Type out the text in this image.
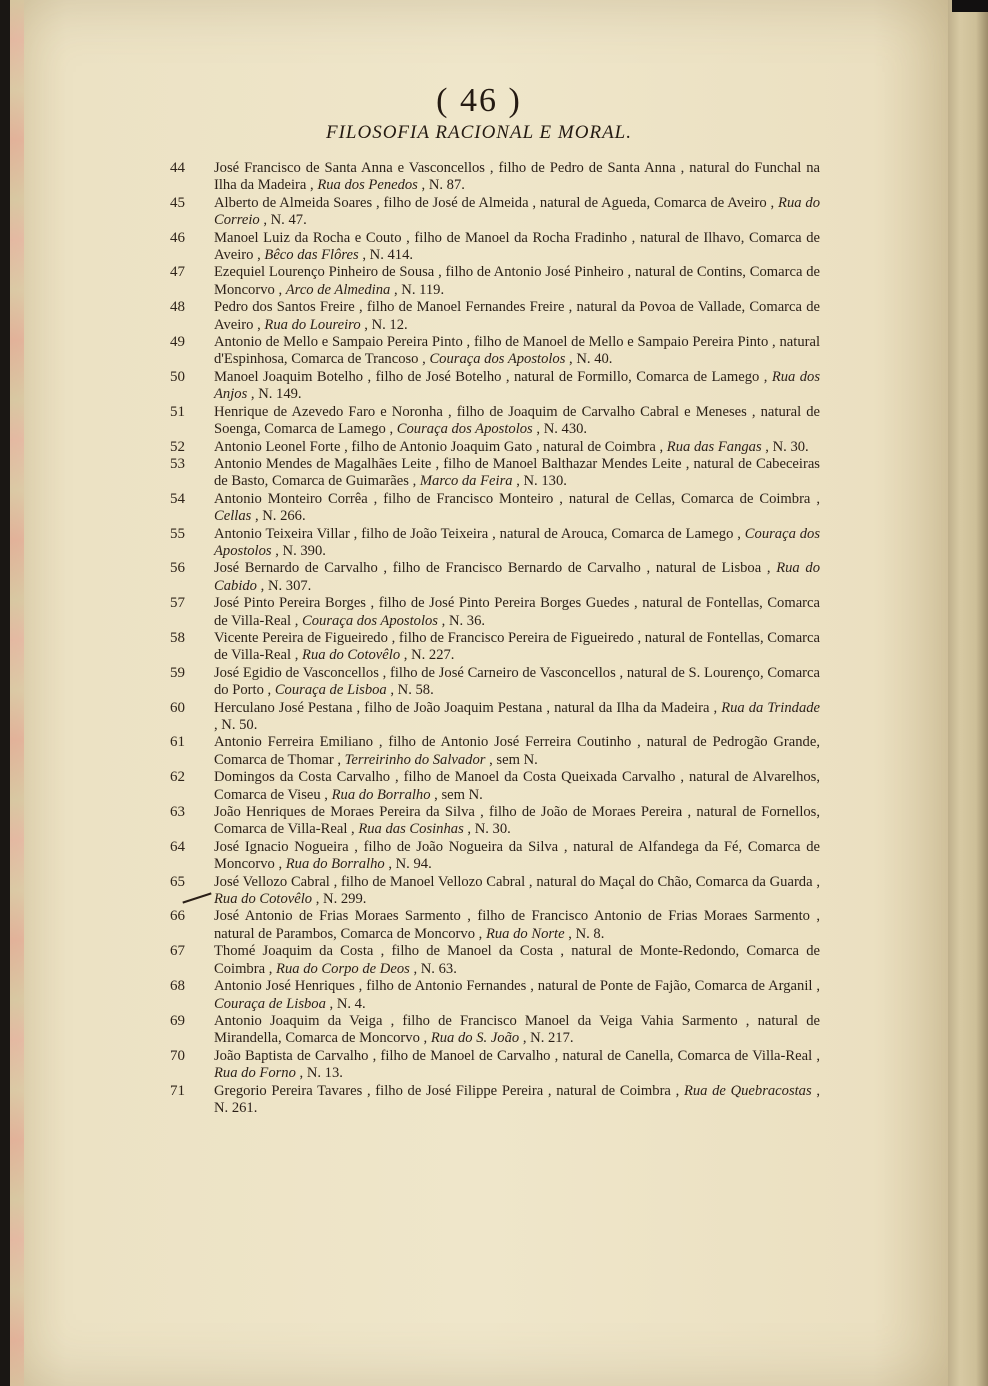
( 46 )
FILOSOFIA RACIONAL E MORAL.
44	José Francisco de Santa Anna e Vasconcellos , filho de Pedro de Santa Anna , natural do Funchal na Ilha da Madeira , Rua dos Penedos , N. 87.
45	Alberto de Almeida Soares , filho de José de Almeida , natural de Agueda, Comarca de Aveiro , Rua do Correio , N. 47.
46	Manoel Luiz da Rocha e Couto , filho de Manoel da Rocha Fradinho , natural de Ilhavo, Comarca de Aveiro , Bêco das Flôres , N. 414.
47	Ezequiel Lourenço Pinheiro de Sousa , filho de Antonio José Pinheiro , natural de Contins, Comarca de Moncorvo , Arco de Almedina , N. 119.
48	Pedro dos Santos Freire , filho de Manoel Fernandes Freire , natural da Povoa de Vallade, Comarca de Aveiro , Rua do Loureiro , N. 12.
49	Antonio de Mello e Sampaio Pereira Pinto , filho de Manoel de Mello e Sampaio Pereira Pinto , natural d'Espinhosa, Comarca de Trancoso , Couraça dos Apostolos , N. 40.
50	Manoel Joaquim Botelho , filho de José Botelho , natural de Formillo, Comarca de Lamego , Rua dos Anjos , N. 149.
51	Henrique de Azevedo Faro e Noronha , filho de Joaquim de Carvalho Cabral e Meneses , natural de Soenga, Comarca de Lamego , Couraça dos Apostolos , N. 430.
52	Antonio Leonel Forte , filho de Antonio Joaquim Gato , natural de Coimbra , Rua das Fangas , N. 30.
53	Antonio Mendes de Magalhães Leite , filho de Manoel Balthazar Mendes Leite , natural de Cabeceiras de Basto, Comarca de Guimarães , Marco da Feira , N. 130.
54	Antonio Monteiro Corrêa , filho de Francisco Monteiro , natural de Cellas, Comarca de Coimbra , Cellas , N. 266.
55	Antonio Teixeira Villar , filho de João Teixeira , natural de Arouca, Comarca de Lamego , Couraça dos Apostolos , N. 390.
56	José Bernardo de Carvalho , filho de Francisco Bernardo de Carvalho , natural de Lisboa , Rua do Cabido , N. 307.
57	José Pinto Pereira Borges , filho de José Pinto Pereira Borges Guedes , natural de Fontellas, Comarca de Villa-Real , Couraça dos Apostolos , N. 36.
58	Vicente Pereira de Figueiredo , filho de Francisco Pereira de Figueiredo , natural de Fontellas, Comarca de Villa-Real , Rua do Cotovêlo , N. 227.
59	José Egidio de Vasconcellos , filho de José Carneiro de Vasconcellos , natural de S. Lourenço, Comarca do Porto , Couraça de Lisboa , N. 58.
60	Herculano José Pestana , filho de João Joaquim Pestana , natural da Ilha da Madeira , Rua da Trindade , N. 50.
61	Antonio Ferreira Emiliano , filho de Antonio José Ferreira Coutinho , natural de Pedrogão Grande, Comarca de Thomar , Terreirinho do Salvador , sem N.
62	Domingos da Costa Carvalho , filho de Manoel da Costa Queixada Carvalho , natural de Alvarelhos, Comarca de Viseu , Rua do Borralho , sem N.
63	João Henriques de Moraes Pereira da Silva , filho de João de Moraes Pereira , natural de Fornellos, Comarca de Villa-Real , Rua das Cosinhas , N. 30.
64	José Ignacio Nogueira , filho de João Nogueira da Silva , natural de Alfandega da Fé, Comarca de Moncorvo , Rua do Borralho , N. 94.
65	José Vellozo Cabral , filho de Manoel Vellozo Cabral , natural do Maçal do Chão, Comarca da Guarda , Rua do Cotovêlo , N. 299.
66	José Antonio de Frias Moraes Sarmento , filho de Francisco Antonio de Frias Moraes Sarmento , natural de Parambos, Comarca de Moncorvo , Rua do Norte , N. 8.
67	Thomé Joaquim da Costa , filho de Manoel da Costa , natural de Monte-Redondo, Comarca de Coimbra , Rua do Corpo de Deos , N. 63.
68	Antonio José Henriques , filho de Antonio Fernandes , natural de Ponte de Fajão, Comarca de Arganil , Couraça de Lisboa , N. 4.
69	Antonio Joaquim da Veiga , filho de Francisco Manoel da Veiga Vahia Sarmento , natural de Mirandella, Comarca de Moncorvo , Rua do S. João , N. 217.
70	João Baptista de Carvalho , filho de Manoel de Carvalho , natural de Canella, Comarca de Villa-Real , Rua do Forno , N. 13.
71	Gregorio Pereira Tavares , filho de José Filippe Pereira , natural de Coimbra , Rua de Quebracostas , N. 261.
